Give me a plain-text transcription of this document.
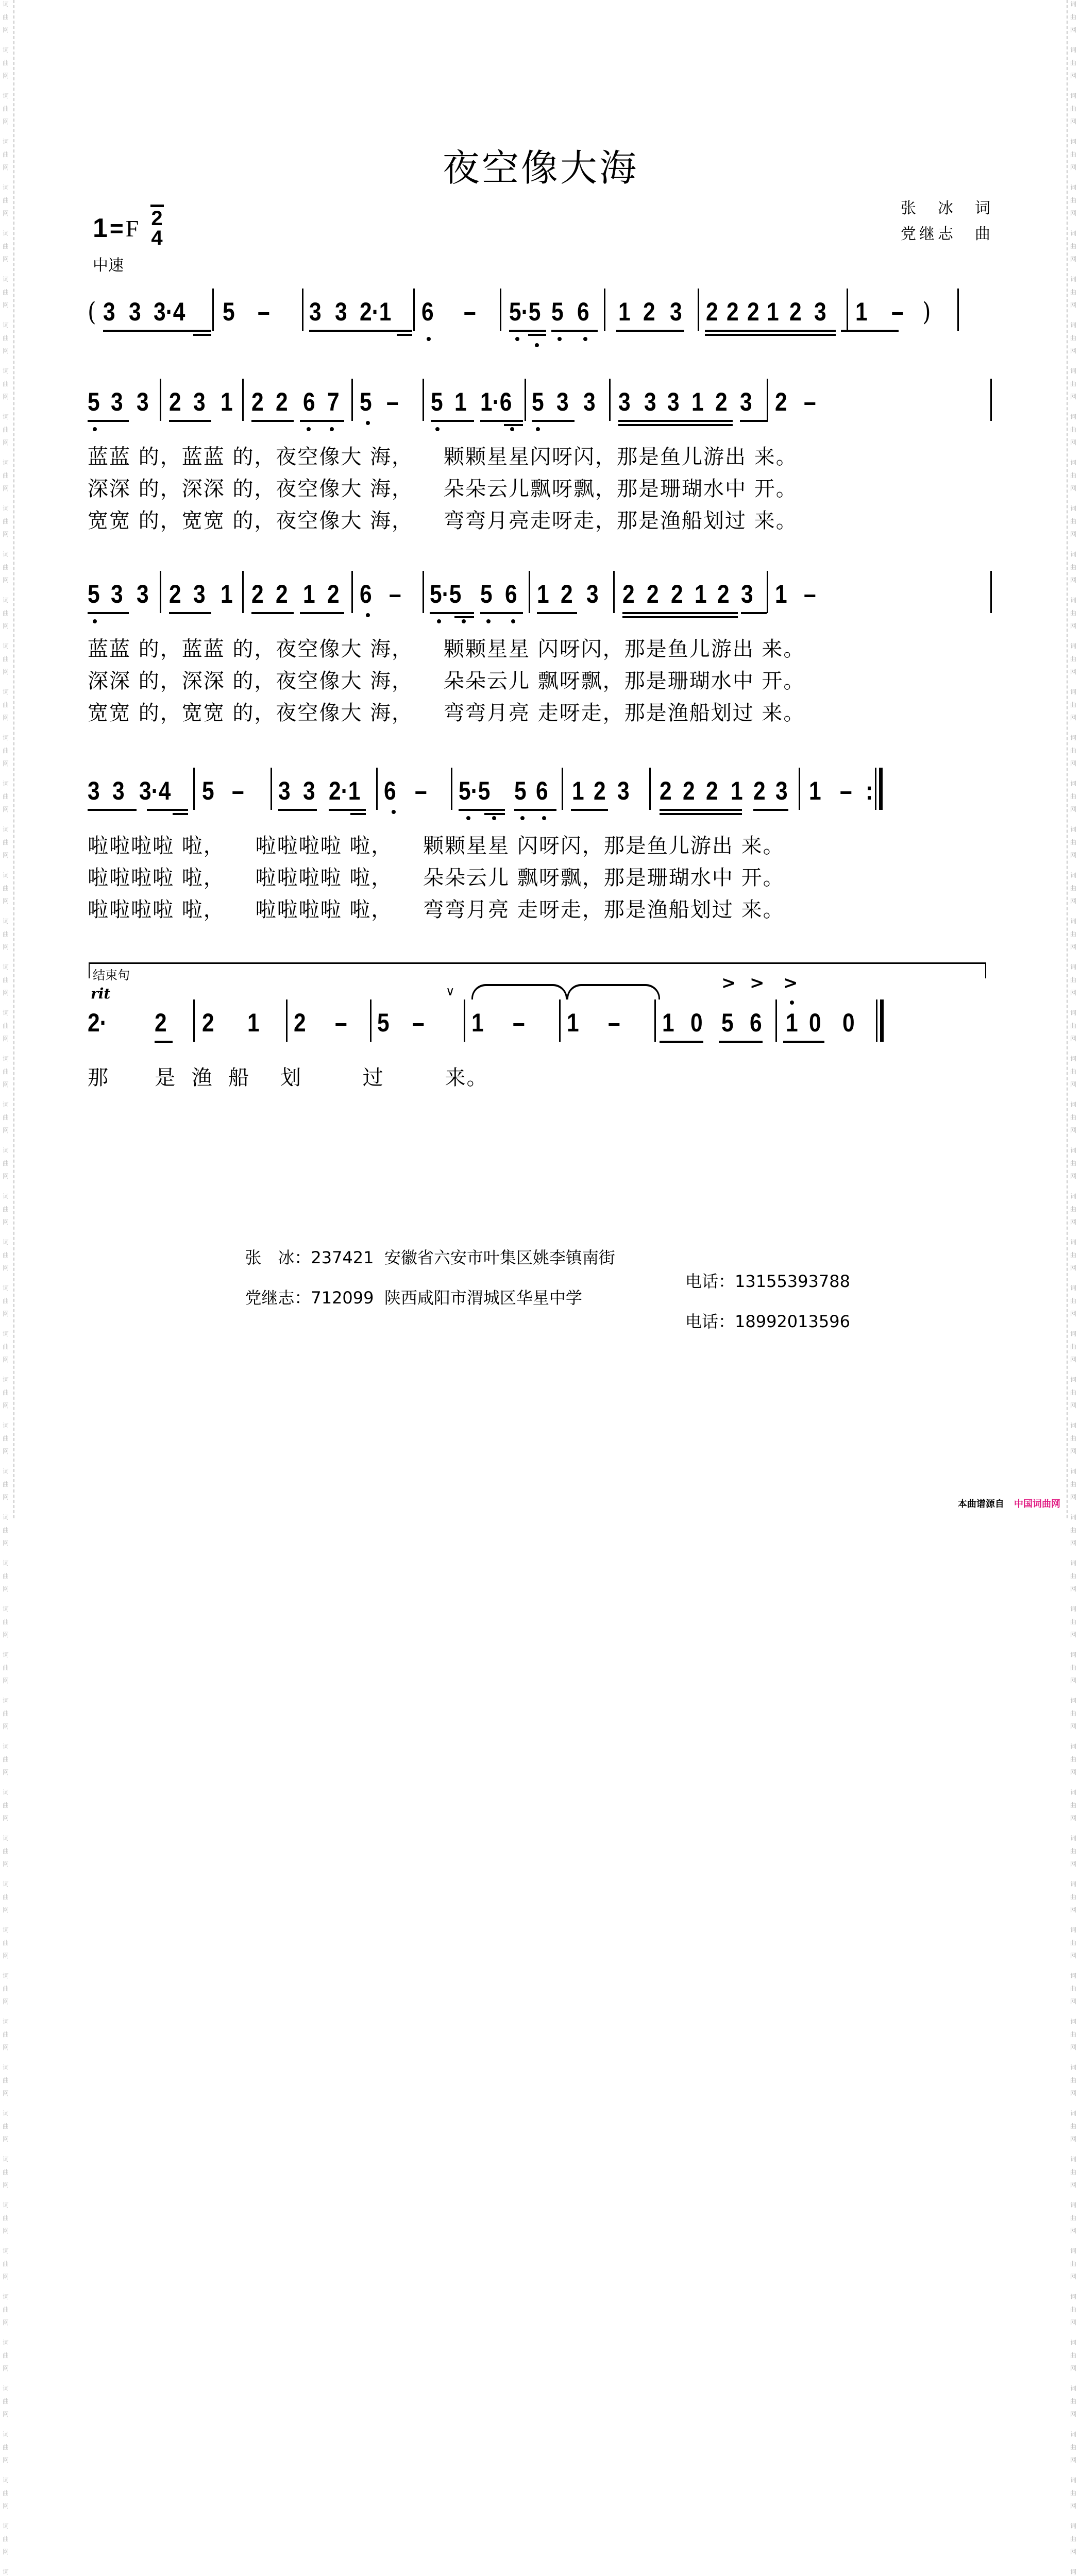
词
曲
网
词
曲
网
词
曲
网
词
曲
网
词
曲
网
词
曲
网
词
曲
网
词
曲
网
词
曲
网
词
曲
网
词
曲
网
词
曲
网
词
曲
网
词
曲
网
词
曲
网
词
曲
网
词
曲
网
词
曲
网
词
曲
网
词
曲
网
词
曲
网
词
曲
网
词
曲
网
词
曲
网
词
曲
网
词
曲
网
词
曲
网
词
曲
网
词
曲
网
词
曲
网
词
曲
网
词
曲
网
词
曲
网
词
曲
网
词
曲
网
词
曲
网
词
曲
网
词
曲
网
词
曲
网
词
曲
网
词
曲
网
词
曲
网
词
曲
网
词
曲
网
词
曲
网
词
曲
网
词
曲
网
词
曲
网
词
曲
网
词
曲
网
词
曲
网
词
曲
网
词
曲
网
词
曲
网
词
曲
网
词
曲
网
词
词
曲
网
词
曲
网
词
曲
网
词
曲
网
词
曲
网
词
曲
网
词
曲
网
词
曲
网
词
曲
网
词
曲
网
词
曲
网
词
曲
网
词
曲
网
词
曲
网
词
曲
网
词
曲
网
词
曲
网
词
曲
网
词
曲
网
词
曲
网
词
曲
网
词
曲
网
词
曲
网
词
曲
网
词
曲
网
词
曲
网
词
曲
网
词
曲
网
词
曲
网
词
曲
网
词
曲
网
词
曲
网
词
曲
网
词
曲
网
词
曲
网
词
曲
网
词
曲
网
词
曲
网
词
曲
网
词
曲
网
词
曲
网
词
曲
网
词
曲
网
词
曲
网
词
曲
网
词
曲
网
词
曲
网
词
曲
网
词
曲
网
词
曲
网
词
曲
网
词
曲
网
词
曲
网
词
曲
网
词
曲
网
词
曲
网
词
夜空像大海
1 = F 2
4
中速
张　冰　词
党继志　曲
( 3 3 3·4 5 – 3 3 2·1 6 – 5·5 5 6 1 2 3 2 2 2 1 2 3 1 – )
5 3 3 2 3 1 2 2 6 7 5 – 5 1 1·6 5 3 3 3 3 3 1 2 3 2 –
蓝蓝 的，蓝蓝 的，夜空像大 海，    颗颗星星闪呀闪，那是鱼儿游出 来。
深深 的，深深 的，夜空像大 海，    朵朵云儿飘呀飘，那是珊瑚水中 开。
宽宽 的，宽宽 的，夜空像大 海，    弯弯月亮走呀走，那是渔船划过 来。
5 3 3 2 3 1 2 2 1 2 6 – 5·5 5 6 1 2 3 2 2 2 1 2 3 1 –
蓝蓝 的，蓝蓝 的，夜空像大 海，    颗颗星星 闪呀闪，那是鱼儿游出 来。
深深 的，深深 的，夜空像大 海，    朵朵云儿 飘呀飘，那是珊瑚水中 开。
宽宽 的，宽宽 的，夜空像大 海，    弯弯月亮 走呀走，那是渔船划过 来。
3 3 3·4 5 – 3 3 2·1 6 – 5·5 5 6 1 2 3 2 2 2 1 2 3 1 – :
啦啦啦啦 啦，    啦啦啦啦 啦，    颗颗星星 闪呀闪，那是鱼儿游出 来。
啦啦啦啦 啦，    啦啦啦啦 啦，    朵朵云儿 飘呀飘，那是珊瑚水中 开。
啦啦啦啦 啦，    啦啦啦啦 啦，    弯弯月亮 走呀走，那是渔船划过 来。
结束句
rit
2· 2 2 1 2 – 5 – 1 – 1 – 1 0 5 6 1 0 0
> > >
∨
那      是  渔  船    划        过        来。

张　冰：237421  安徽省六安市叶集区姚李镇南街

电话：13155393788

党继志：712099  陕西咸阳市渭城区华星中学

电话：18992013596

本曲谱源自 中国词曲网
